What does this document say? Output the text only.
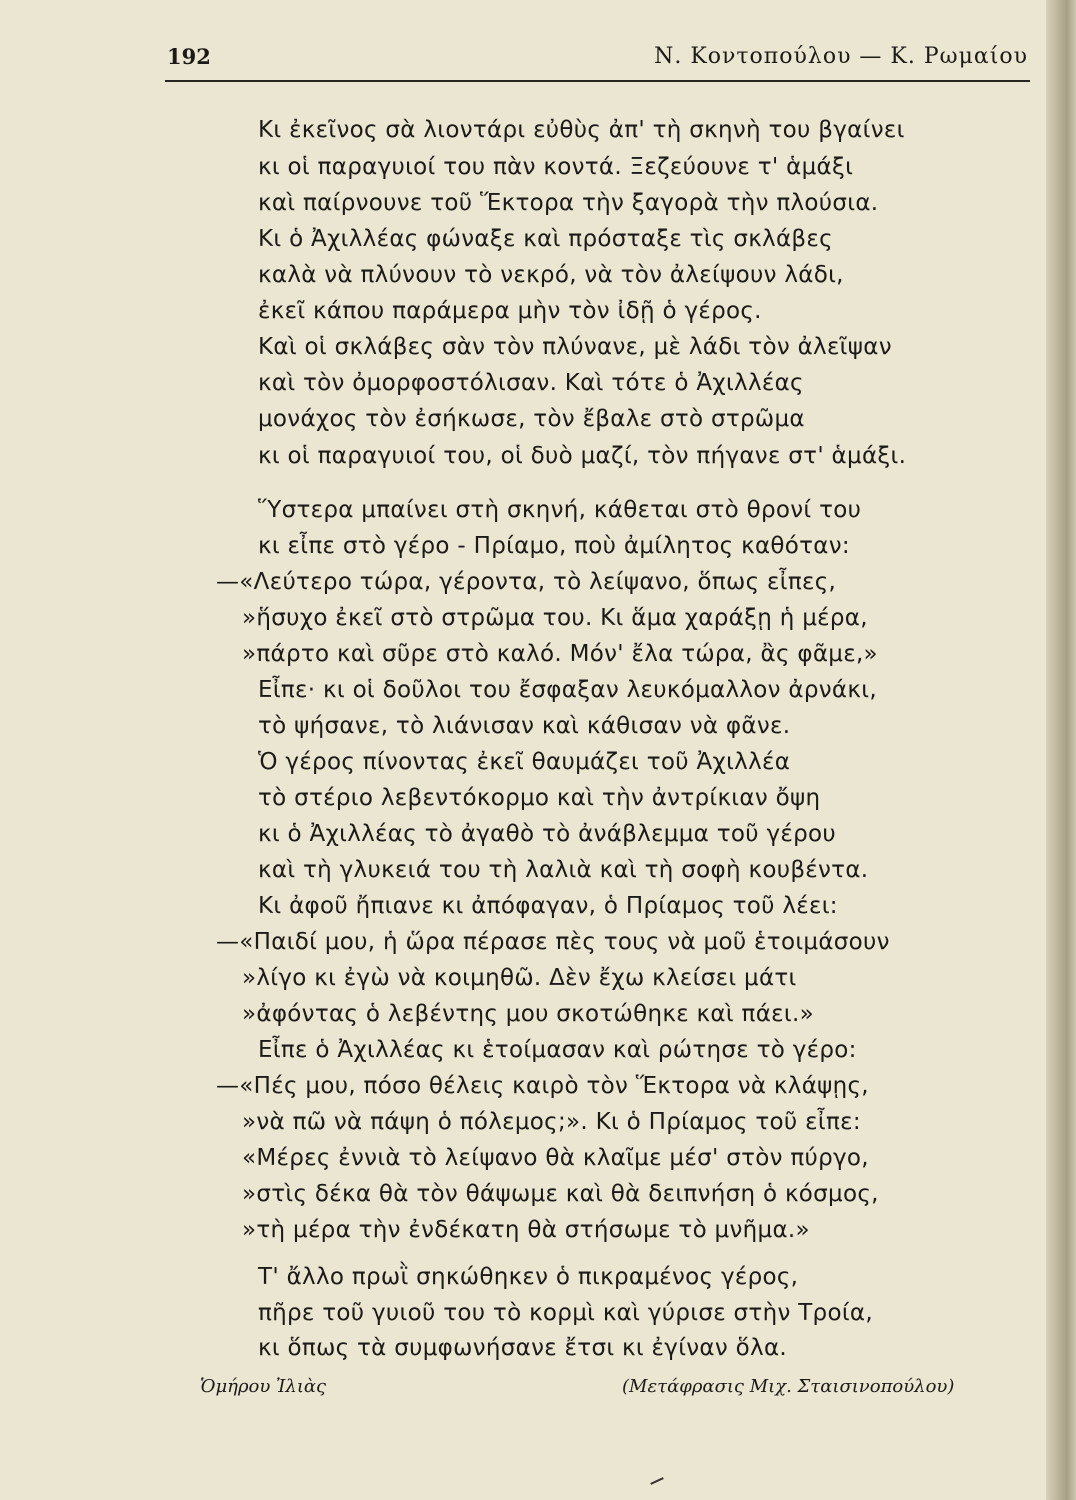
192	Ν. Κοντοπούλου — Κ. Ρωμαίου
Κι ἐκεῖνος σὰ λιοντάρι εὐθὺς ἀπ' τὴ σκηνὴ του βγαίνει
κι οἱ παραγυιοί του πὰν κοντά. Ξεζεύουνε τ' ἁμάξι
καὶ παίρνουνε τοῦ Ἕκτορα τὴν ξαγορὰ τὴν πλούσια.
Κι ὁ Ἀχιλλέας φώναξε καὶ πρόσταξε τὶς σκλάβες
καλὰ νὰ πλύνουν τὸ νεκρό, νὰ τὸν ἀλείψουν λάδι,
ἐκεῖ κάπου παράμερα μὴν τὸν ἰδῇ ὁ γέρος.
Καὶ οἱ σκλάβες σὰν τὸν πλύνανε, μὲ λάδι τὸν ἀλεῖψαν
καὶ τὸν ὀμορφοστόλισαν. Καὶ τότε ὁ Ἀχιλλέας
μονάχος τὸν ἐσήκωσε, τὸν ἔβαλε στὸ στρῶμα
κι οἱ παραγυιοί του, οἱ δυὸ μαζί, τὸν πήγανε στ' ἁμάξι.
Ὕστερα μπαίνει στὴ σκηνή, κάθεται στὸ θρονί του
κι εἶπε στὸ γέρο - Πρίαμο, ποὺ ἀμίλητος καθόταν:
—«Λεύτερο τώρα, γέροντα, τὸ λείψανο, ὅπως εἶπες,
»ἥσυχο ἐκεῖ στὸ στρῶμα του. Κι ἅμα χαράξῃ ἡ μέρα,
»πάρτο καὶ σῦρε στὸ καλό. Μόν' ἔλα τώρα, ἂς φᾶμε,»
Εἶπε· κι οἱ δοῦλοι του ἔσφαξαν λευκόμαλλον ἀρνάκι,
τὸ ψήσανε, τὸ λιάνισαν καὶ κάθισαν νὰ φᾶνε.
Ὁ γέρος πίνοντας ἐκεῖ θαυμάζει τοῦ Ἀχιλλέα
τὸ στέριο λεβεντόκορμο καὶ τὴν ἀντρίκιαν ὄψη
κι ὁ Ἀχιλλέας τὸ ἀγαθὸ τὸ ἀνάβλεμμα τοῦ γέρου
καὶ τὴ γλυκειά του τὴ λαλιὰ καὶ τὴ σοφὴ κουβέντα.
Κι ἀφοῦ ἤπιανε κι ἀπόφαγαν, ὁ Πρίαμος τοῦ λέει:
—«Παιδί μου, ἡ ὥρα πέρασε πὲς τους νὰ μοῦ ἑτοιμάσουν
»λίγο κι ἐγὼ νὰ κοιμηθῶ. Δὲν ἔχω κλείσει μάτι
»ἀφόντας ὁ λεβέντης μου σκοτώθηκε καὶ πάει.»
Εἶπε ὁ Ἀχιλλέας κι ἑτοίμασαν καὶ ρώτησε τὸ γέρο:
—«Πές μου, πόσο θέλεις καιρὸ τὸν Ἕκτορα νὰ κλάψῃς,
»νὰ πῶ νὰ πάψη ὁ πόλεμος;». Κι ὁ Πρίαμος τοῦ εἶπε:
«Μέρες ἐννιὰ τὸ λείψανο θὰ κλαῖμε μέσ' στὸν πύργο,
»στὶς δέκα θὰ τὸν θάψωμε καὶ θὰ δειπνήση ὁ κόσμος,
»τὴ μέρα τὴν ἐνδέκατη θὰ στήσωμε τὸ μνῆμα.»
Τ' ἄλλο πρωῒ σηκώθηκεν ὁ πικραμένος γέρος,
πῆρε τοῦ γυιοῦ του τὸ κορμὶ καὶ γύρισε στὴν Τροία,
κι ὅπως τὰ συμφωνήσανε ἔτσι κι ἐγίναν ὅλα.
Ὁμήρου Ἰλιὰς	(Μετάφρασις Μιχ. Σταισινοπούλου)
